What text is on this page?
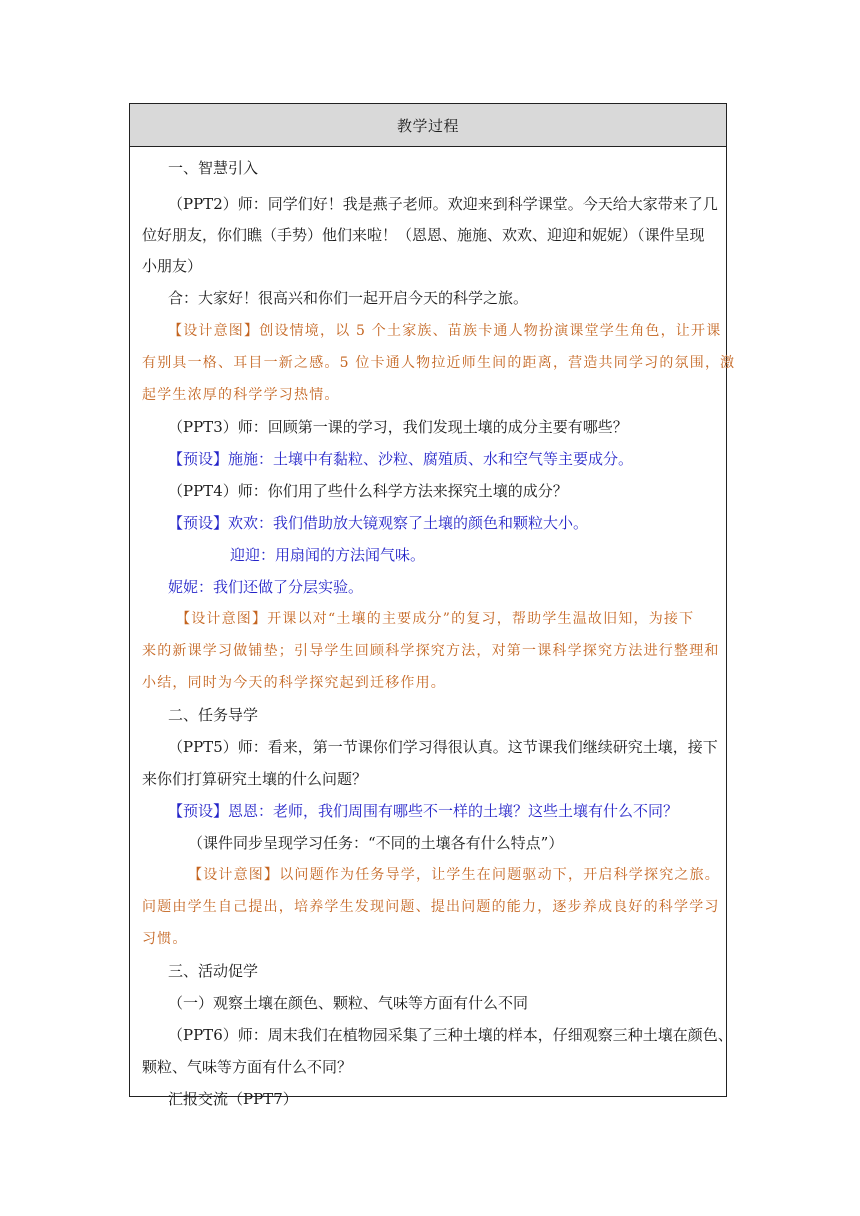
教学过程
一、智慧引入
（PPT2）师：同学们好！我是燕子老师。欢迎来到科学课堂。今天给大家带来了几
位好朋友，你们瞧（手势）他们来啦！（恩恩、施施、欢欢、迎迎和妮妮）（课件呈现
小朋友）
合：大家好！很高兴和你们一起开启今天的科学之旅。
【设计意图】创设情境，以 5 个土家族、苗族卡通人物扮演课堂学生角色，让开课
有别具一格、耳目一新之感。5 位卡通人物拉近师生间的距离，营造共同学习的氛围，激
起学生浓厚的科学学习热情。
（PPT3）师：回顾第一课的学习，我们发现土壤的成分主要有哪些？
【预设】施施：土壤中有黏粒、沙粒、腐殖质、水和空气等主要成分。
（PPT4）师：你们用了些什么科学方法来探究土壤的成分？
【预设】欢欢：我们借助放大镜观察了土壤的颜色和颗粒大小。
迎迎：用扇闻的方法闻气味。
妮妮：我们还做了分层实验。
【设计意图】开课以对“土壤的主要成分”的复习，帮助学生温故旧知，为接下
来的新课学习做铺垫；引导学生回顾科学探究方法，对第一课科学探究方法进行整理和
小结，同时为今天的科学探究起到迁移作用。
二、任务导学
（PPT5）师：看来，第一节课你们学习得很认真。这节课我们继续研究土壤，接下
来你们打算研究土壤的什么问题？
【预设】恩恩：老师，我们周围有哪些不一样的土壤？这些土壤有什么不同？
（课件同步呈现学习任务：“不同的土壤各有什么特点”）
【设计意图】以问题作为任务导学，让学生在问题驱动下，开启科学探究之旅。
问题由学生自己提出，培养学生发现问题、提出问题的能力，逐步养成良好的科学学习
习惯。
三、活动促学
（一）观察土壤在颜色、颗粒、气味等方面有什么不同
（PPT6）师：周末我们在植物园采集了三种土壤的样本，仔细观察三种土壤在颜色、
颗粒、气味等方面有什么不同？
汇报交流（PPT7）
